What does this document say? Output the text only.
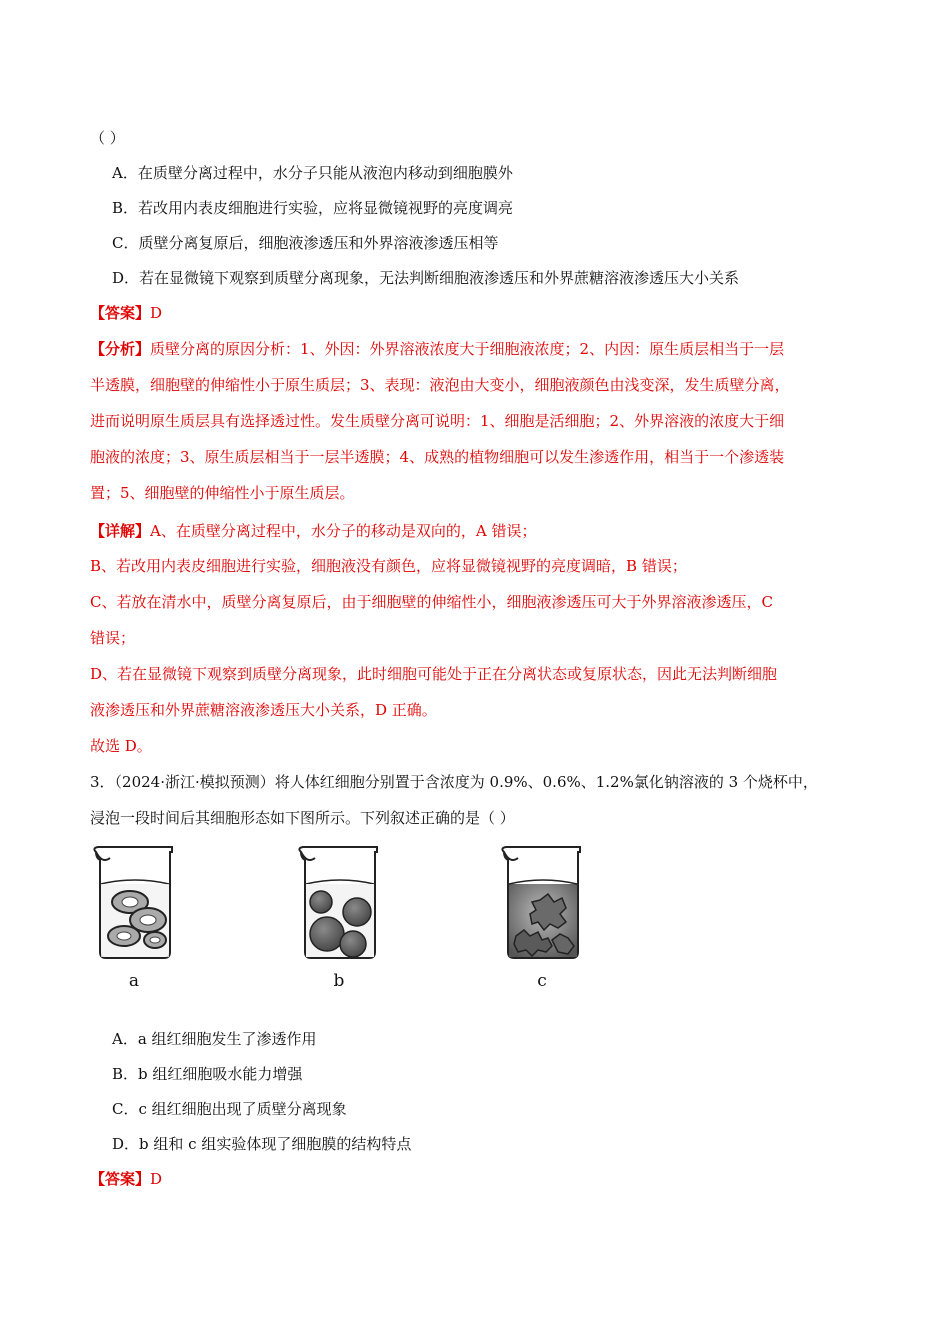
（ ）
A．在质壁分离过程中，水分子只能从液泡内移动到细胞膜外
B．若改用内表皮细胞进行实验，应将显微镜视野的亮度调亮
C．质壁分离复原后，细胞液渗透压和外界溶液渗透压相等
D．若在显微镜下观察到质壁分离现象，无法判断细胞液渗透压和外界蔗糖溶液渗透压大小关系
【答案】D
【分析】质壁分离的原因分析：1、外因：外界溶液浓度大于细胞液浓度；2、内因：原生质层相当于一层
半透膜，细胞壁的伸缩性小于原生质层；3、表现：液泡由大变小，细胞液颜色由浅变深，发生质壁分离，
进而说明原生质层具有选择透过性。发生质壁分离可说明：1、细胞是活细胞；2、外界溶液的浓度大于细
胞液的浓度；3、原生质层相当于一层半透膜；4、成熟的植物细胞可以发生渗透作用，相当于一个渗透装
置；5、细胞壁的伸缩性小于原生质层。
【详解】A、在质壁分离过程中，水分子的移动是双向的，A 错误；
B、若改用内表皮细胞进行实验，细胞液没有颜色，应将显微镜视野的亮度调暗，B 错误；
C、若放在清水中，质壁分离复原后，由于细胞壁的伸缩性小，细胞液渗透压可大于外界溶液渗透压，C
错误；
D、若在显微镜下观察到质壁分离现象，此时细胞可能处于正在分离状态或复原状态，因此无法判断细胞
液渗透压和外界蔗糖溶液渗透压大小关系，D 正确。
故选 D。
3．（2024·浙江·模拟预测）将人体红细胞分别置于含浓度为 0.9%、0.6%、1.2%氯化钠溶液的 3 个烧杯中，
浸泡一段时间后其细胞形态如下图所示。下列叙述正确的是（ ）
a	b	c
A．a 组红细胞发生了渗透作用
B．b 组红细胞吸水能力增强
C．c 组红细胞出现了质壁分离现象
D．b 组和 c 组实验体现了细胞膜的结构特点
【答案】D
